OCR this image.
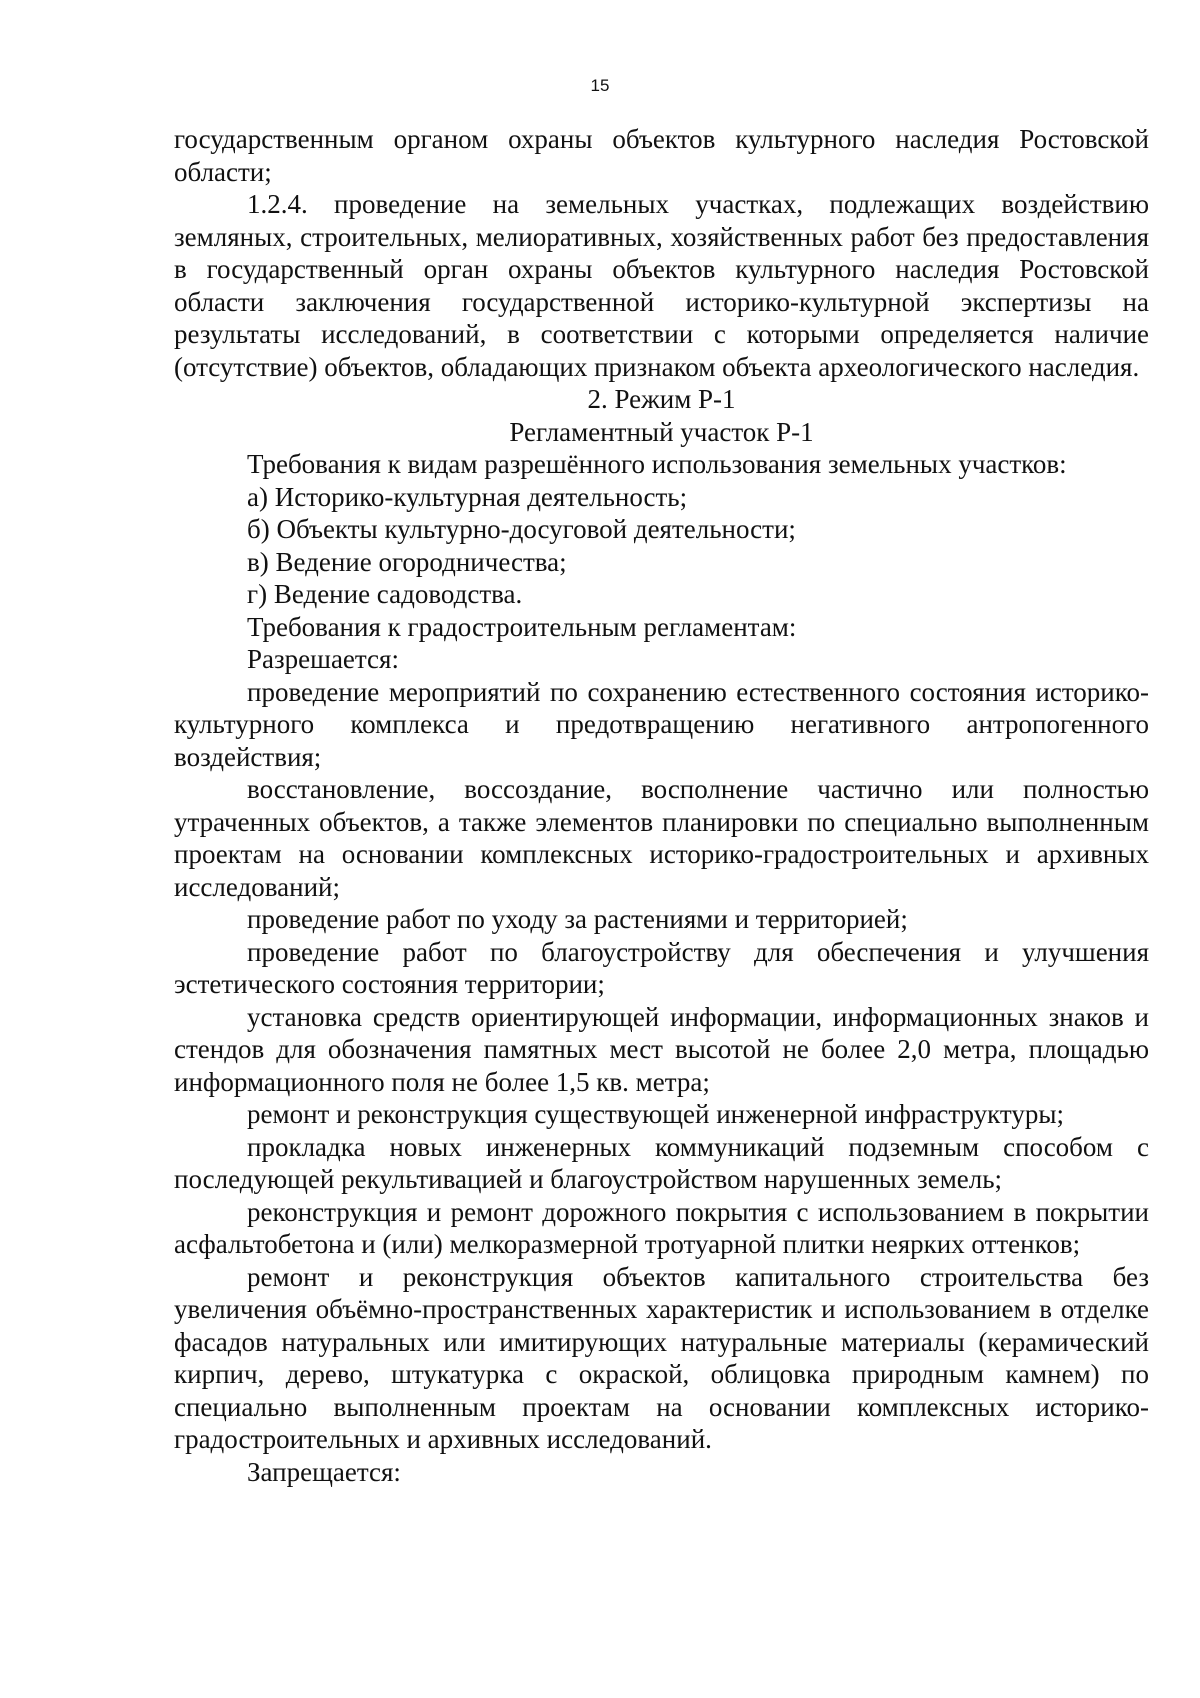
15

государственным органом охраны объектов культурного наследия Ростовской области;

1.2.4. проведение на земельных участках, подлежащих воздействию земляных, строительных, мелиоративных, хозяйственных работ без предоставления в государственный орган охраны объектов культурного наследия Ростовской области заключения государственной историко-культурной экспертизы на результаты исследований, в соответствии с которыми определяется наличие (отсутствие) объектов, обладающих признаком объекта археологического наследия.

2. Режим Р-1

Регламентный участок Р-1

Требования к видам разрешённого использования земельных участков:

а) Историко-культурная деятельность;

б) Объекты культурно-досуговой деятельности;

в) Ведение огородничества;

г) Ведение садоводства.

Требования к градостроительным регламентам:

Разрешается:

проведение мероприятий по сохранению естественного состояния историко-культурного комплекса и предотвращению негативного антропогенного воздействия;

восстановление, воссоздание, восполнение частично или полностью утраченных объектов, а также элементов планировки по специально выполненным проектам на основании комплексных историко-градостроительных и архивных исследований;

проведение работ по уходу за растениями и территорией;

проведение работ по благоустройству для обеспечения и улучшения эстетического состояния территории;

установка средств ориентирующей информации, информационных знаков и стендов для обозначения памятных мест высотой не более 2,0 метра, площадью информационного поля не более 1,5 кв. метра;

ремонт и реконструкция существующей инженерной инфраструктуры;

прокладка новых инженерных коммуникаций подземным способом с последующей рекультивацией и благоустройством нарушенных земель;

реконструкция и ремонт дорожного покрытия с использованием в покрытии асфальтобетона и (или) мелкоразмерной тротуарной плитки неярких оттенков;

ремонт и реконструкция объектов капитального строительства без увеличения объёмно-пространственных характеристик и использованием в отделке фасадов натуральных или имитирующих натуральные материалы (керамический кирпич, дерево, штукатурка с окраской, облицовка природным камнем) по специально выполненным проектам на основании комплексных историко-градостроительных и архивных исследований.

Запрещается:
